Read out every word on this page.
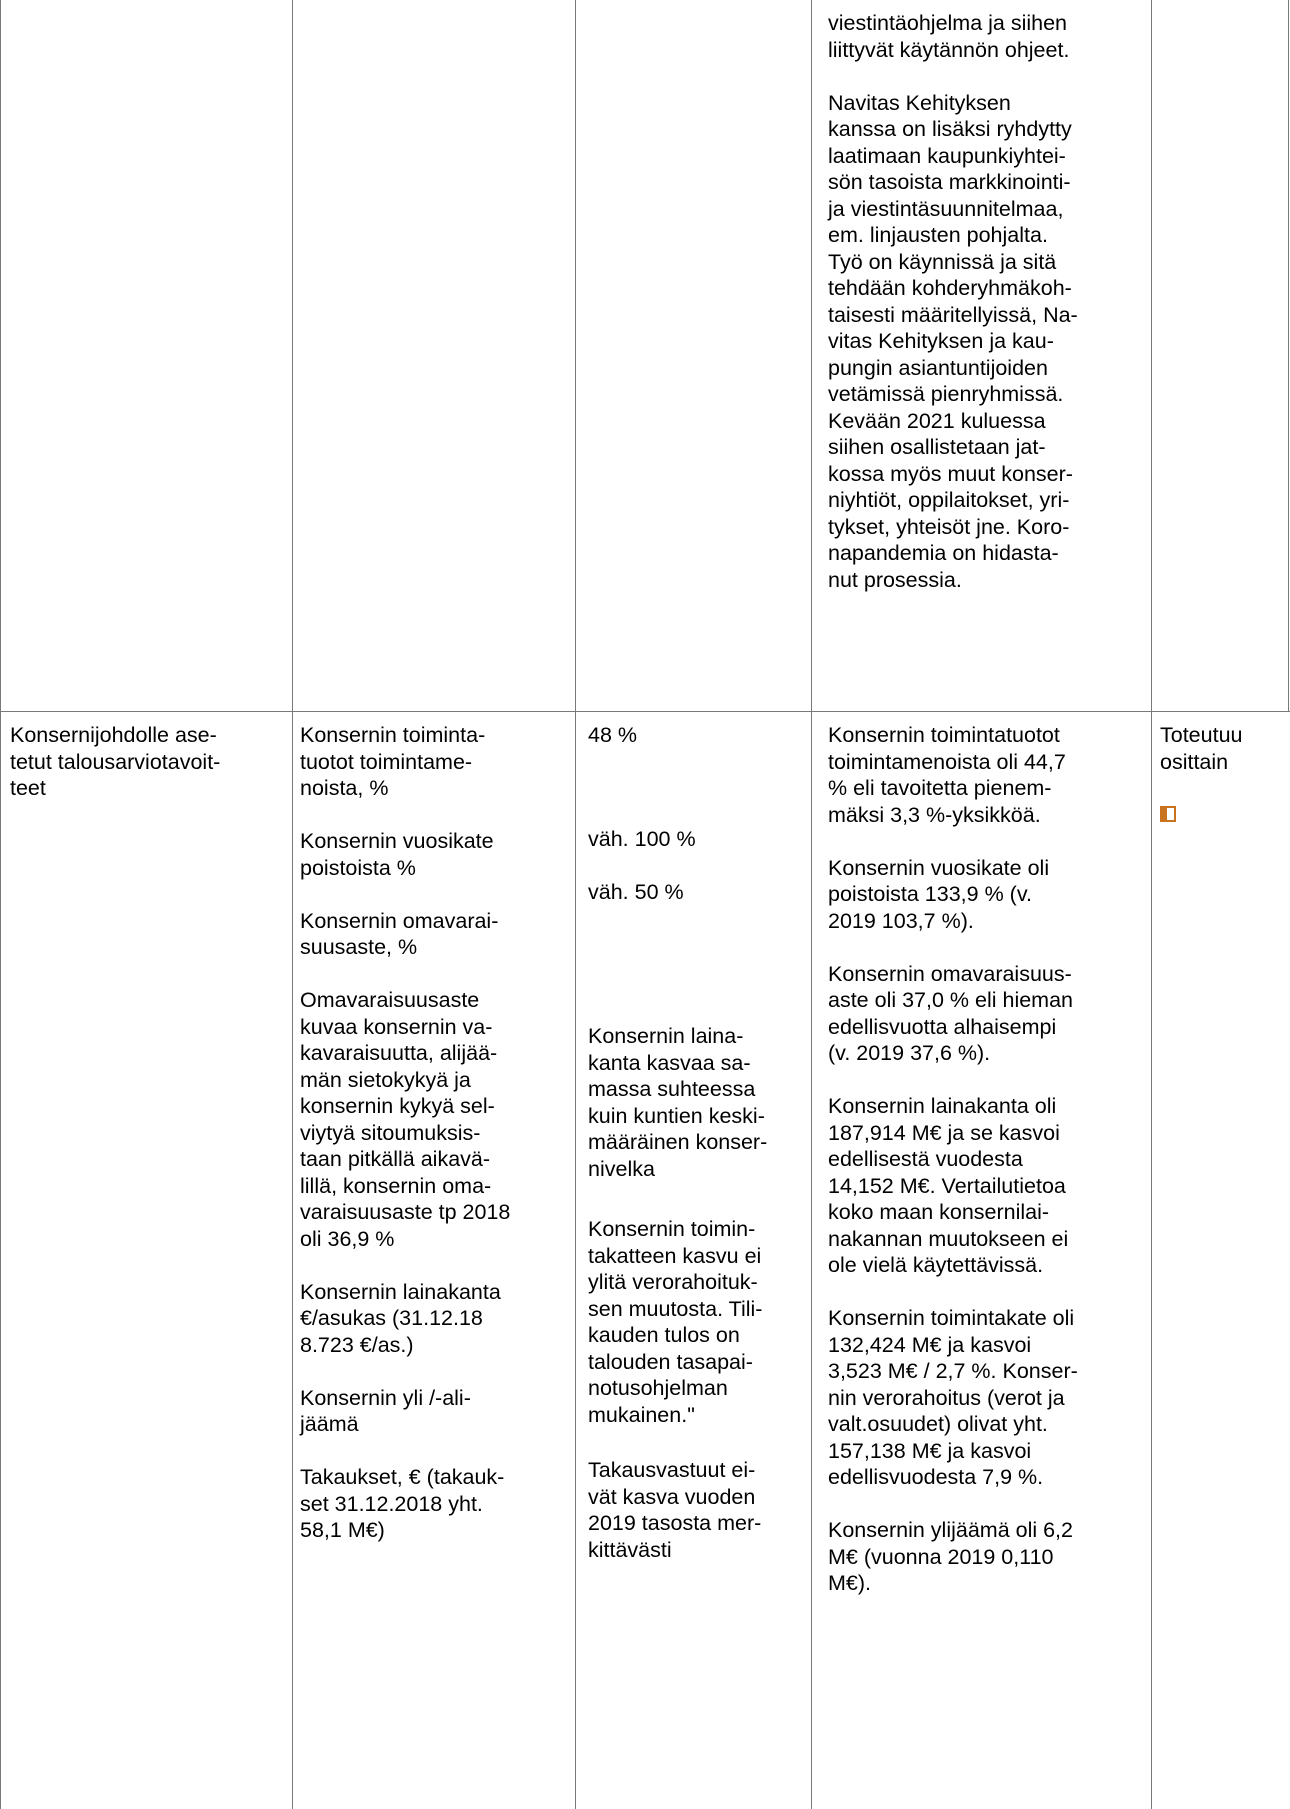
viestintäohjelma ja siihen
liittyvät käytännön ohjeet.

Navitas Kehityksen
kanssa on lisäksi ryhdytty
laatimaan kaupunkiyhtei-
sön tasoista markkinointi-
ja viestintäsuunnitelmaa,
em. linjausten pohjalta.
Työ on käynnissä ja sitä
tehdään kohderyhmäkoh-
taisesti määritellyissä, Na-
vitas Kehityksen ja kau-
pungin asiantuntijoiden
vetämissä pienryhmissä.
Kevään 2021 kuluessa
siihen osallistetaan jat-
kossa myös muut konser-
niyhtiöt, oppilaitokset, yri-
tykset, yhteisöt jne. Koro-
napandemia on hidasta-
nut prosessia.

Konsernijohdolle ase-
tetut talousarviotavoit-
teet

Konsernin toiminta-
tuotot toimintame-
noista, %

Konsernin vuosikate
poistoista %

Konsernin omavarai-
suusaste, %

Omavaraisuusaste
kuvaa konsernin va-
kavaraisuutta, alijää-
män sietokykyä ja
konsernin kykyä sel-
viytyä sitoumuksis-
taan pitkällä aikavä-
lillä, konsernin oma-
varaisuusaste tp 2018
oli 36,9 %

Konsernin lainakanta
€/asukas (31.12.18
8.723 €/as.)

Konsernin yli /-ali-
jäämä

Takaukset, € (takauk-
set 31.12.2018 yht.
58,1 M€)

48 %
väh. 100 %
väh. 50 %
Konsernin laina-
kanta kasvaa sa-
massa suhteessa
kuin kuntien keski-
määräinen konser-
nivelka
Konsernin toimin-
takatteen kasvu ei
ylitä verorahoituk-
sen muutosta. Tili-
kauden tulos on
talouden tasapai-
notusohjelman
mukainen."
Takausvastuut ei-
vät kasva vuoden
2019 tasosta mer-
kittävästi

Konsernin toimintatuotot
toimintamenoista oli 44,7
% eli tavoitetta pienem-
mäksi 3,3 %-yksikköä.

Konsernin vuosikate oli
poistoista 133,9 % (v.
2019 103,7 %).

Konsernin omavaraisuus-
aste oli 37,0 % eli hieman
edellisvuotta alhaisempi
(v. 2019 37,6 %).

Konsernin lainakanta oli
187,914 M€ ja se kasvoi
edellisestä vuodesta
14,152 M€. Vertailutietoa
koko maan konsernilai-
nakannan muutokseen ei
ole vielä käytettävissä.

Konsernin toimintakate oli
132,424 M€ ja kasvoi
3,523 M€ / 2,7 %. Konser-
nin verorahoitus (verot ja
valt.osuudet) olivat yht.
157,138 M€ ja kasvoi
edellisvuodesta 7,9 %.

Konsernin ylijäämä oli 6,2
M€ (vuonna 2019 0,110
M€).

Toteutuu
osittain
